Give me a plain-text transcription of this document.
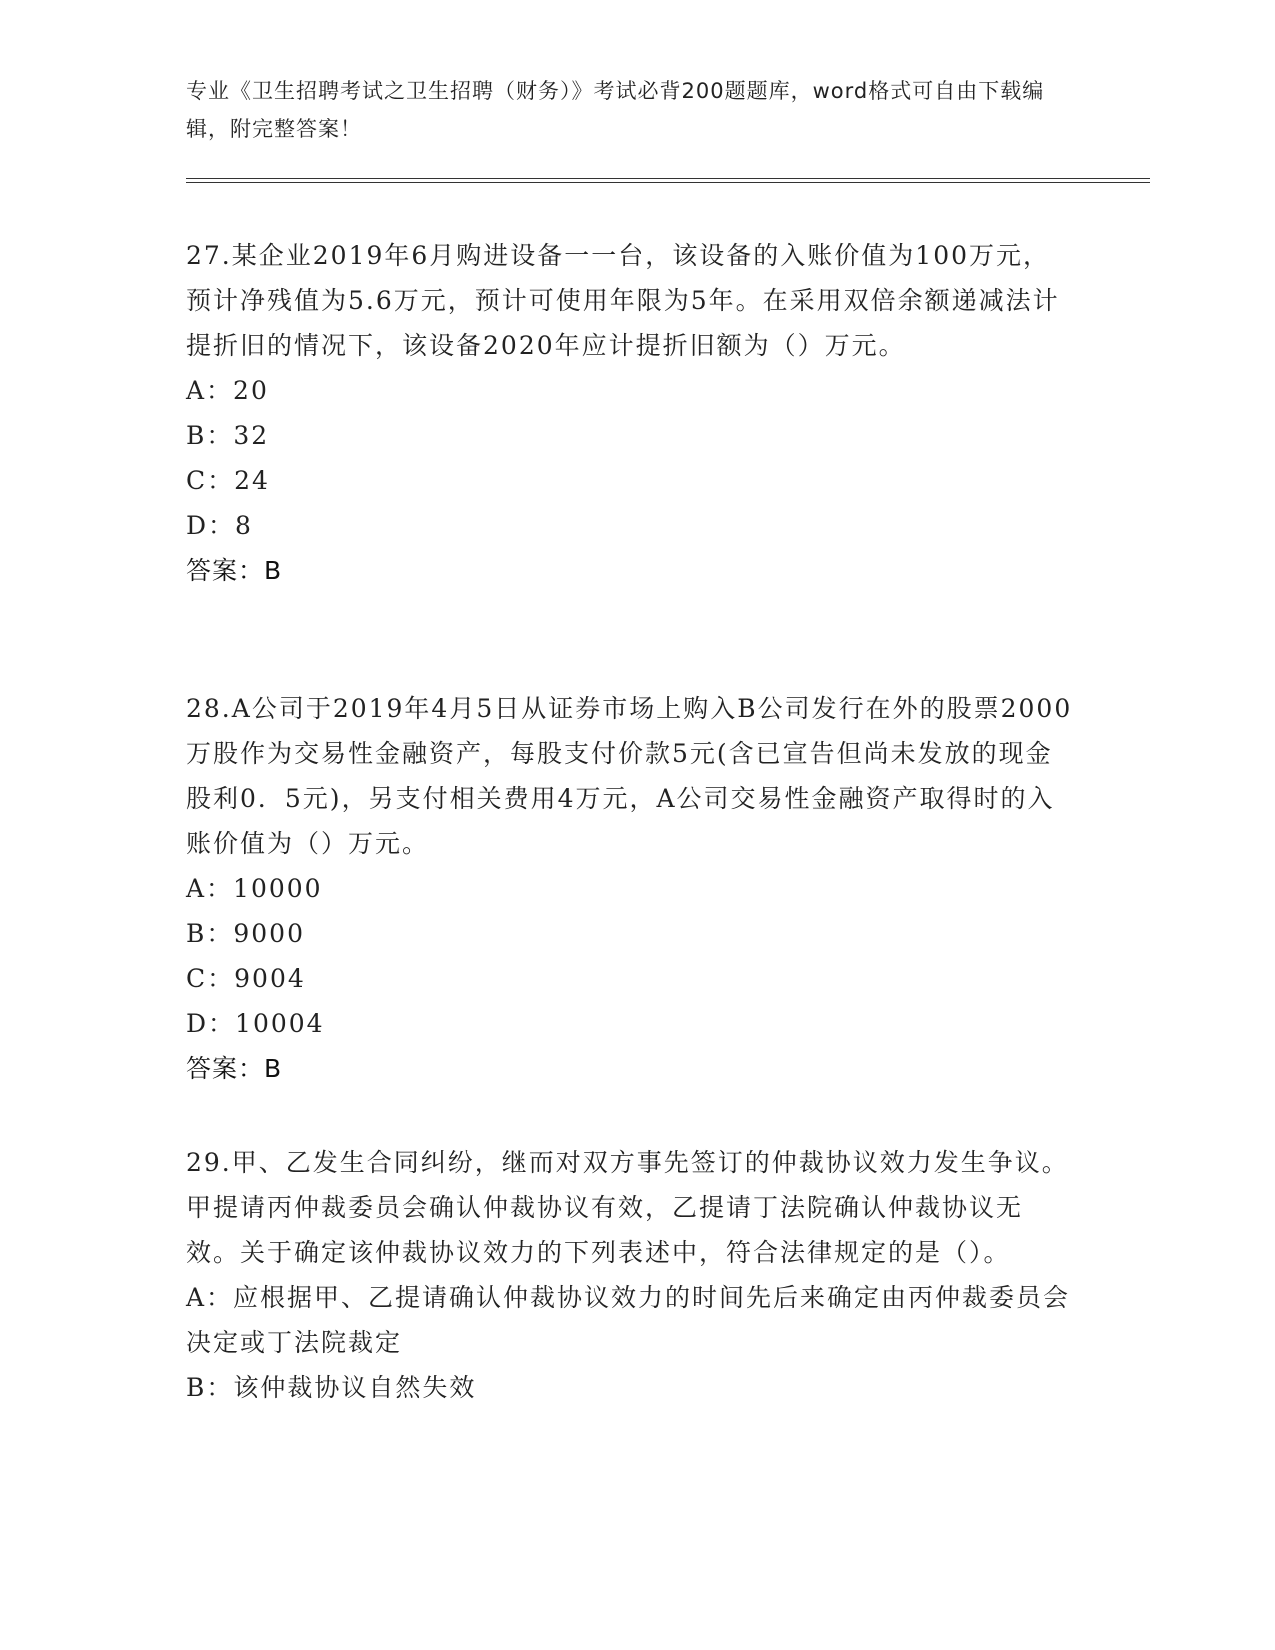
专业《卫生招聘考试之卫生招聘（财务）》考试必背200题题库，word格式可自由下载编辑，附完整答案！

27.某企业2019年6月购进设备一一台，该设备的入账价值为100万元，预计净残值为5.6万元，预计可使用年限为5年。在采用双倍余额递减法计提折旧的情况下，该设备2020年应计提折旧额为（）万元。

A：20

B：32

C：24

D：8

答案：B

28.A公司于2019年4月5日从证券市场上购入B公司发行在外的股票2000万股作为交易性金融资产，每股支付价款5元(含已宣告但尚未发放的现金股利0．5元)，另支付相关费用4万元，A公司交易性金融资产取得时的入账价值为（）万元。

A：10000

B：9000

C：9004

D：10004

答案：B

29.甲、乙发生合同纠纷，继而对双方事先签订的仲裁协议效力发生争议。甲提请丙仲裁委员会确认仲裁协议有效，乙提请丁法院确认仲裁协议无效。关于确定该仲裁协议效力的下列表述中，符合法律规定的是（）。

A：应根据甲、乙提请确认仲裁协议效力的时间先后来确定由丙仲裁委员会决定或丁法院裁定

B：该仲裁协议自然失效
